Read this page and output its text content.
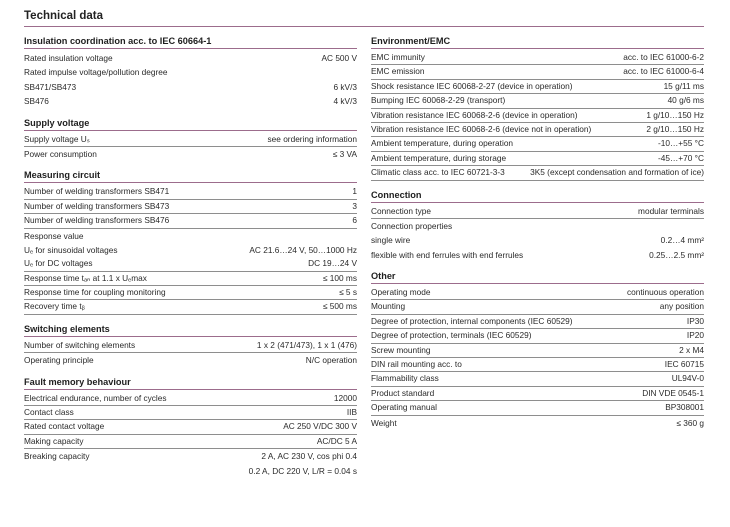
Technical data
Insulation coordination acc. to IEC 60664-1
Rated insulation voltage	AC 500 V
Rated impulse voltage/pollution degree
SB471/SB473	6 kV/3
SB476	4 kV/3
Supply voltage
Supply voltage Uₛ	see ordering information
Power consumption	≤ 3 VA
Measuring circuit
Number of welding transformers SB471	1
Number of welding transformers SB473	3
Number of welding transformers SB476	6
Response value
Uₑ for sinusoidal voltages	AC 21.6…24 V, 50…1000 Hz
Uₑ for DC voltages	DC 19…24 V
Response time tₐₙ at 1.1 x Uₑmax	≤ 100 ms
Response time for coupling monitoring	≤ 5 s
Recovery time tᵦ	≤ 500 ms
Switching elements
Number of switching elements	1 x 2 (471/473), 1 x 1 (476)
Operating principle	N/C operation
Fault memory behaviour
Electrical endurance, number of cycles	12000
Contact class	IIB
Rated contact voltage	AC 250 V/DC 300 V
Making capacity	AC/DC 5 A
Breaking capacity	2 A, AC 230 V, cos phi 0.4
0.2 A, DC 220 V, L/R = 0.04 s
Environment/EMC
EMC immunity	acc. to IEC 61000-6-2
EMC emission	acc. to IEC 61000-6-4
Shock resistance IEC 60068-2-27 (device in operation)	15 g/11 ms
Bumping IEC 60068-2-29 (transport)	40 g/6 ms
Vibration resistance IEC 60068-2-6 (device in operation)	1 g/10…150 Hz
Vibration resistance IEC 60068-2-6 (device not in operation)	2 g/10…150 Hz
Ambient temperature, during operation	-10…+55 °C
Ambient temperature, during storage	-45…+70 °C
Climatic class acc. to IEC 60721-3-3	3K5 (except condensation and formation of ice)
Connection
Connection type	modular terminals
Connection properties
single wire	0.2…4 mm²
flexible with end ferrules with end ferrules	0.25…2.5 mm²
Other
Operating mode	continuous operation
Mounting	any position
Degree of protection, internal components (IEC 60529)	IP30
Degree of protection, terminals (IEC 60529)	IP20
Screw mounting	2 x M4
DIN rail mounting acc. to	IEC 60715
Flammability class	UL94V-0
Product standard	DIN VDE 0545-1
Operating manual	BP308001
Weight	≤ 360 g
